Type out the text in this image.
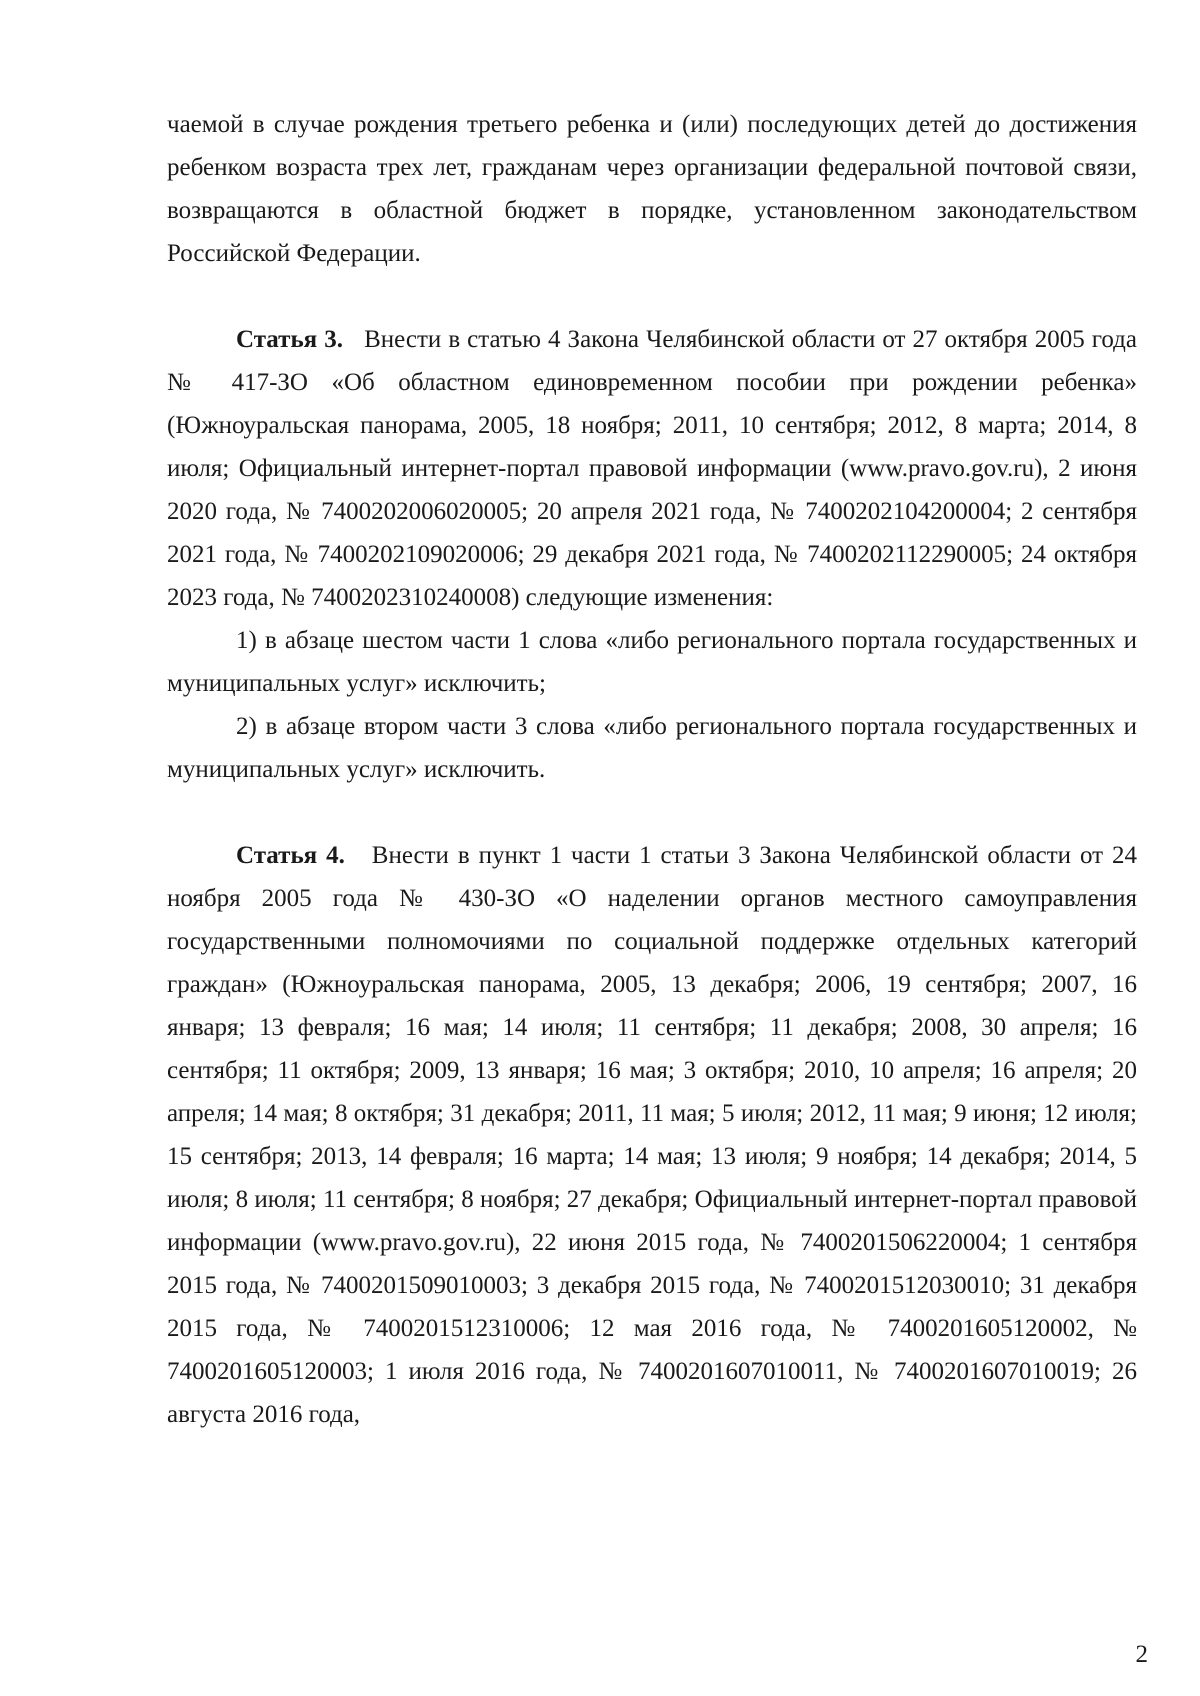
чаемой в случае рождения третьего ребенка и (или) последующих детей до достижения ребенком возраста трех лет, гражданам через организации федеральной почтовой связи, возвращаются в областной бюджет в порядке, установленном законодательством Российской Федерации.

Статья 3. Внести в статью 4 Закона Челябинской области от 27 октября 2005 года № 417-ЗО «Об областном единовременном пособии при рождении ребенка» (Южноуральская панорама, 2005, 18 ноября; 2011, 10 сентября; 2012, 8 марта; 2014, 8 июля; Официальный интернет-портал правовой информации (www.pravo.gov.ru), 2 июня 2020 года, № 7400202006020005; 20 апреля 2021 года, № 7400202104200004; 2 сентября 2021 года, № 7400202109020006; 29 декабря 2021 года, № 7400202112290005; 24 октября 2023 года, № 7400202310240008) следующие изменения:

1) в абзаце шестом части 1 слова «либо регионального портала государственных и муниципальных услуг» исключить;

2) в абзаце втором части 3 слова «либо регионального портала государственных и муниципальных услуг» исключить.

Статья 4. Внести в пункт 1 части 1 статьи 3 Закона Челябинской области от 24 ноября 2005 года № 430-ЗО «О наделении органов местного самоуправления государственными полномочиями по социальной поддержке отдельных категорий граждан» (Южноуральская панорама, 2005, 13 декабря; 2006, 19 сентября; 2007, 16 января; 13 февраля; 16 мая; 14 июля; 11 сентября; 11 декабря; 2008, 30 апреля; 16 сентября; 11 октября; 2009, 13 января; 16 мая; 3 октября; 2010, 10 апреля; 16 апреля; 20 апреля; 14 мая; 8 октября; 31 декабря; 2011, 11 мая; 5 июля; 2012, 11 мая; 9 июня; 12 июля; 15 сентября; 2013, 14 февраля; 16 марта; 14 мая; 13 июля; 9 ноября; 14 декабря; 2014, 5 июля; 8 июля; 11 сентября; 8 ноября; 27 декабря; Официальный интернет-портал правовой информации (www.pravo.gov.ru), 22 июня 2015 года, № 7400201506220004; 1 сентября 2015 года, № 7400201509010003; 3 декабря 2015 года, № 7400201512030010; 31 декабря 2015 года, № 7400201512310006; 12 мая 2016 года, № 7400201605120002, № 7400201605120003; 1 июля 2016 года, № 7400201607010011, № 7400201607010019; 26 августа 2016 года,

2
